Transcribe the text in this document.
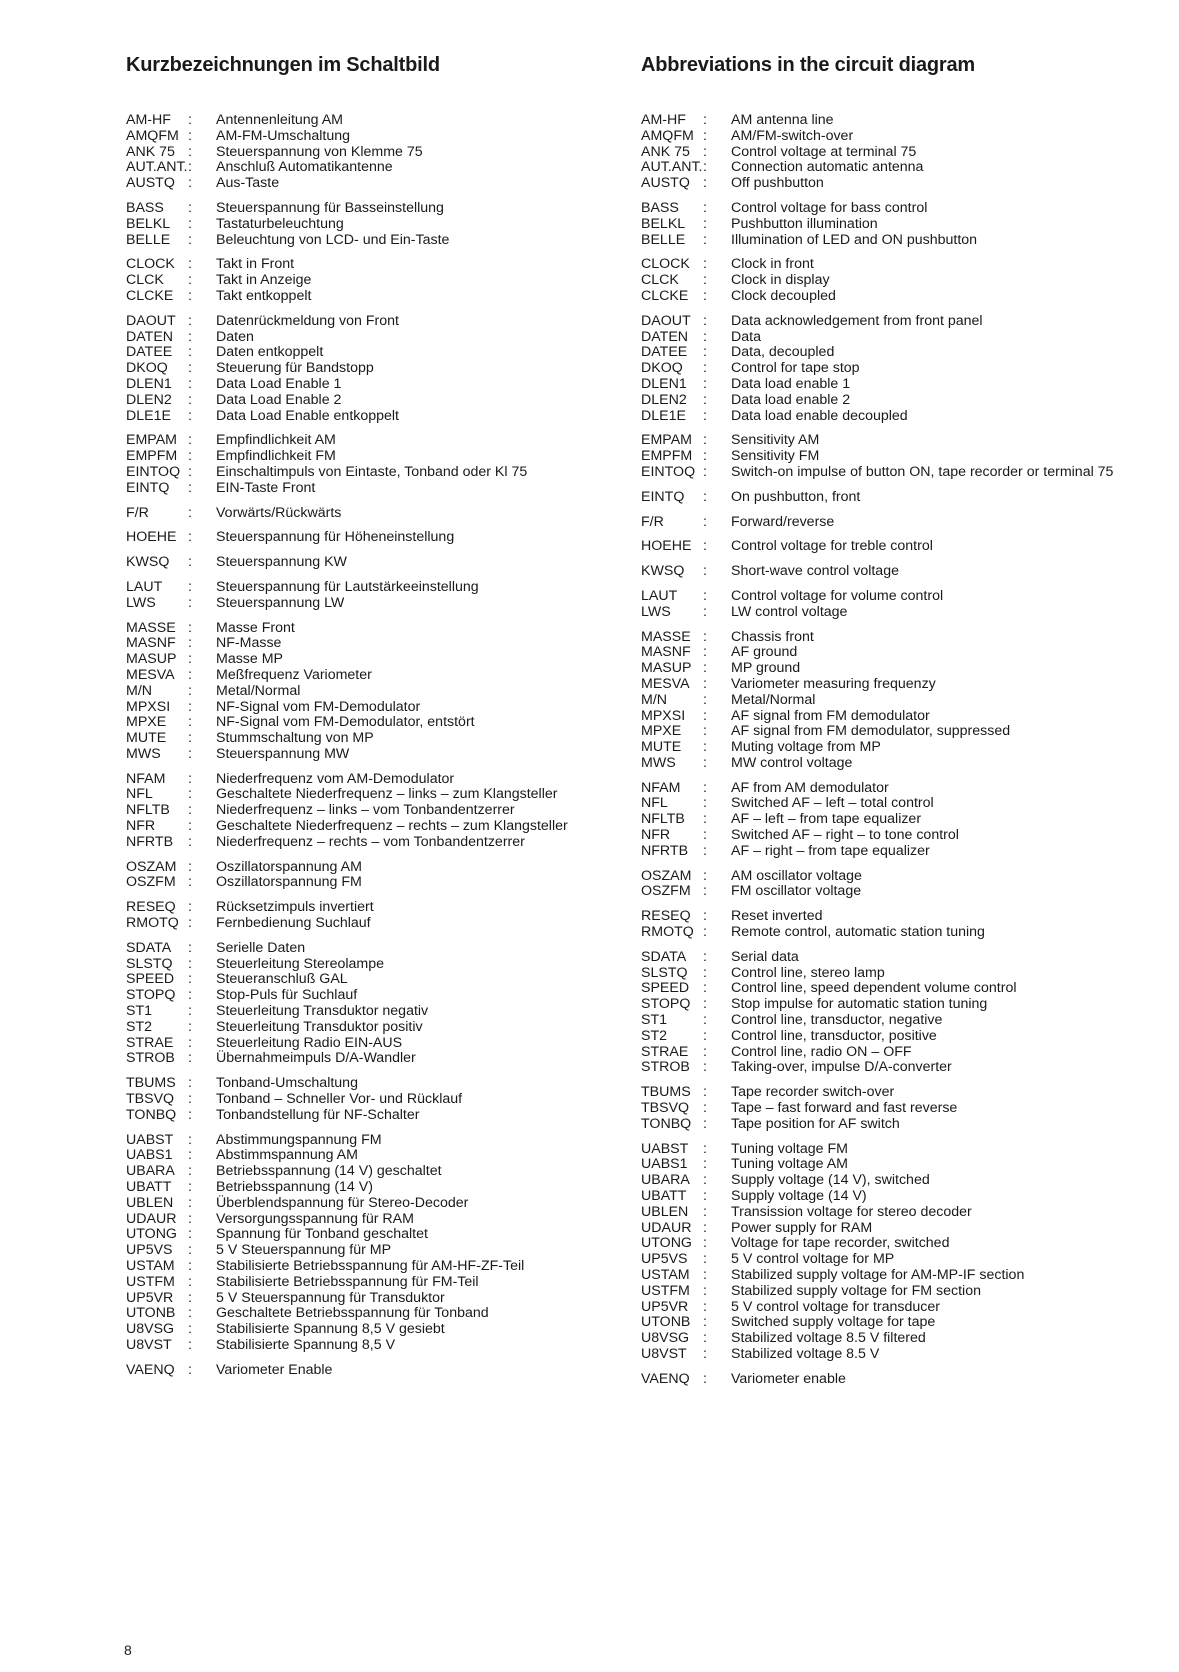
Kurzbezeichnungen im Schaltbild
AM-HF	:	Antennenleitung AM
AMQFM :	AM-FM-Umschaltung
ANK 75 :	Steuerspannung von Klemme 75
AUT.ANT. :	Anschluß Automatikantenne
AUSTQ :	Aus-Taste
BASS	:	Steuerspannung für Basseinstellung
BELKL	:	Tastaturbeleuchtung
BELLE	:	Beleuchtung von LCD- und Ein-Taste
CLOCK :	Takt in Front
CLCK	:	Takt in Anzeige
CLCKE	:	Takt entkoppelt
DAOUT :	Datenrückmeldung von Front
DATEN	:	Daten
DATEE	:	Daten entkoppelt
DKOQ	:	Steuerung für Bandstopp
DLEN1	:	Data Load Enable 1
DLEN2	:	Data Load Enable 2
DLE1E	:	Data Load Enable entkoppelt
EMPAM :	Empfindlichkeit AM
EMPFM :	Empfindlichkeit FM
EINTOQ :	Einschaltimpuls von Eintaste, Tonband oder Kl 75
EINTQ	:	EIN-Taste Front
F/R	:	Vorwärts/Rückwärts
HOEHE :	Steuerspannung für Höheneinstellung
KWSQ	:	Steuerspannung KW
LAUT	:	Steuerspannung für Lautstärkeeinstellung
LWS	:	Steuerspannung LW
MASSE :	Masse Front
MASNF :	NF-Masse
MASUP :	Masse MP
MESVA :	Meßfrequenz Variometer
M/N	:	Metal/Normal
MPXSI	:	NF-Signal vom FM-Demodulator
MPXE	:	NF-Signal vom FM-Demodulator, entstört
MUTE	:	Stummschaltung von MP
MWS	:	Steuerspannung MW
NFAM	:	Niederfrequenz vom AM-Demodulator
NFL	:	Geschaltete Niederfrequenz – links – zum Klangsteller
NFLTB	:	Niederfrequenz – links – vom Tonbandentzerrer
NFR	:	Geschaltete Niederfrequenz – rechts – zum Klangsteller
NFRTB	:	Niederfrequenz – rechts – vom Tonbandentzerrer
OSZAM :	Oszillatorspannung AM
OSZFM :	Oszillatorspannung FM
RESEQ :	Rücksetzimpuls invertiert
RMOTQ :	Fernbedienung Suchlauf
SDATA	:	Serielle Daten
SLSTQ	:	Steuerleitung Stereolampe
SPEED :	Steueranschluß GAL
STOPQ :	Stop-Puls für Suchlauf
ST1	:	Steuerleitung Transduktor negativ
ST2	:	Steuerleitung Transduktor positiv
STRAE	:	Steuerleitung Radio EIN-AUS
STROB :	Übernahmeimpuls D/A-Wandler
TBUMS :	Tonband-Umschaltung
TBSVQ :	Tonband – Schneller Vor- und Rücklauf
TONBQ :	Tonbandstellung für NF-Schalter
UABST	:	Abstimmungspannung FM
UABS1	:	Abstimmspannung AM
UBARA :	Betriebsspannung (14 V) geschaltet
UBATT	:	Betriebsspannung (14 V)
UBLEN	:	Überblendspannung für Stereo-Decoder
UDAUR :	Versorgungsspannung für RAM
UTONG :	Spannung für Tonband geschaltet
UP5VS	:	5 V Steuerspannung für MP
USTAM :	Stabilisierte Betriebsspannung für AM-HF-ZF-Teil
USTFM :	Stabilisierte Betriebsspannung für FM-Teil
UP5VR	:	5 V Steuerspannung für Transduktor
UTONB :	Geschaltete Betriebsspannung für Tonband
U8VSG :	Stabilisierte Spannung 8,5 V gesiebt
U8VST	:	Stabilisierte Spannung 8,5 V
VAENQ :	Variometer Enable
Abbreviations in the circuit diagram
AM-HF	:	AM antenna line
AMQFM :	AM/FM-switch-over
ANK 75 :	Control voltage at terminal 75
AUT.ANT. :	Connection automatic antenna
AUSTQ :	Off pushbutton
BASS	:	Control voltage for bass control
BELKL	:	Pushbutton illumination
BELLE	:	Illumination of LED and ON pushbutton
CLOCK :	Clock in front
CLCK	:	Clock in display
CLCKE	:	Clock decoupled
DAOUT :	Data acknowledgement from front panel
DATEN	:	Data
DATEE	:	Data, decoupled
DKOQ	:	Control for tape stop
DLEN1	:	Data load enable 1
DLEN2	:	Data load enable 2
DLE1E	:	Data load enable decoupled
EMPAM :	Sensitivity AM
EMPFM :	Sensitivity FM
EINTOQ :	Switch-on impulse of button ON, tape recorder or terminal 75
EINTQ	:	On pushbutton, front
F/R	:	Forward/reverse
HOEHE :	Control voltage for treble control
KWSQ	:	Short-wave control voltage
LAUT	:	Control voltage for volume control
LWS	:	LW control voltage
MASSE :	Chassis front
MASNF :	AF ground
MASUP :	MP ground
MESVA :	Variometer measuring frequenzy
M/N	:	Metal/Normal
MPXSI	:	AF signal from FM demodulator
MPXE	:	AF signal from FM demodulator, suppressed
MUTE	:	Muting voltage from MP
MWS	:	MW control voltage
NFAM	:	AF from AM demodulator
NFL	:	Switched AF – left – total control
NFLTB	:	AF – left – from tape equalizer
NFR	:	Switched AF – right – to tone control
NFRTB	:	AF – right – from tape equalizer
OSZAM :	AM oscillator voltage
OSZFM :	FM oscillator voltage
RESEQ :	Reset inverted
RMOTQ :	Remote control, automatic station tuning
SDATA	:	Serial data
SLSTQ	:	Control line, stereo lamp
SPEED :	Control line, speed dependent volume control
STOPQ :	Stop impulse for automatic station tuning
ST1	:	Control line, transductor, negative
ST2	:	Control line, transductor, positive
STRAE	:	Control line, radio ON – OFF
STROB :	Taking-over, impulse D/A-converter
TBUMS :	Tape recorder switch-over
TBSVQ :	Tape – fast forward and fast reverse
TONBQ :	Tape position for AF switch
UABST	:	Tuning voltage FM
UABS1	:	Tuning voltage AM
UBARA :	Supply voltage (14 V), switched
UBATT	:	Supply voltage (14 V)
UBLEN	:	Transission voltage for stereo decoder
UDAUR :	Power supply for RAM
UTONG :	Voltage for tape recorder, switched
UP5VS	:	5 V control voltage for MP
USTAM :	Stabilized supply voltage for AM-MP-IF section
USTFM :	Stabilized supply voltage for FM section
UP5VR	:	5 V control voltage for transducer
UTONB :	Switched supply voltage for tape
U8VSG :	Stabilized voltage 8.5 V filtered
U8VST	:	Stabilized voltage 8.5 V
VAENQ :	Variometer enable
8
